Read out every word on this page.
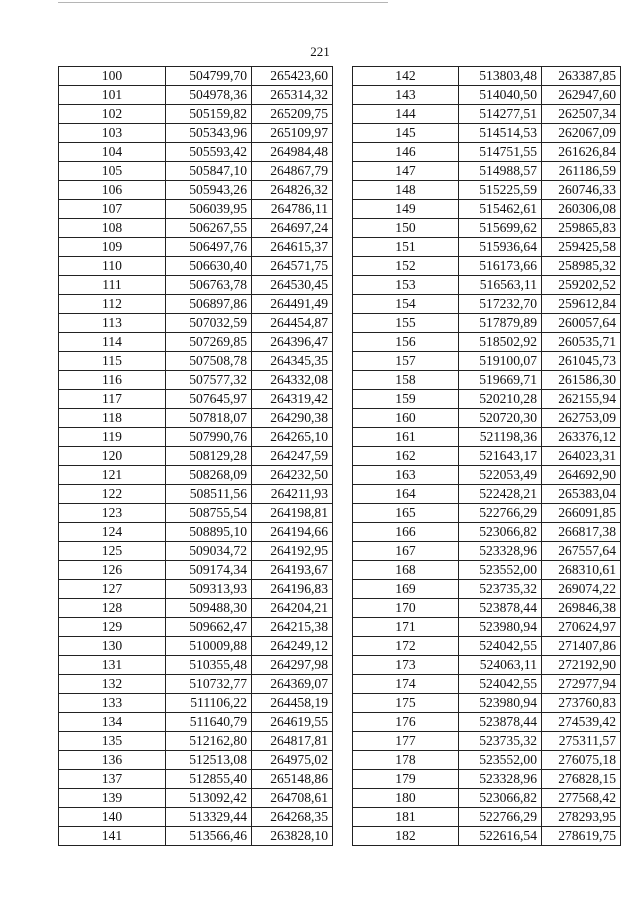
221
100	504799,70	265423,60
101	504978,36	265314,32
102	505159,82	265209,75
103	505343,96	265109,97
104	505593,42	264984,48
105	505847,10	264867,79
106	505943,26	264826,32
107	506039,95	264786,11
108	506267,55	264697,24
109	506497,76	264615,37
110	506630,40	264571,75
111	506763,78	264530,45
112	506897,86	264491,49
113	507032,59	264454,87
114	507269,85	264396,47
115	507508,78	264345,35
116	507577,32	264332,08
117	507645,97	264319,42
118	507818,07	264290,38
119	507990,76	264265,10
120	508129,28	264247,59
121	508268,09	264232,50
122	508511,56	264211,93
123	508755,54	264198,81
124	508895,10	264194,66
125	509034,72	264192,95
126	509174,34	264193,67
127	509313,93	264196,83
128	509488,30	264204,21
129	509662,47	264215,38
130	510009,88	264249,12
131	510355,48	264297,98
132	510732,77	264369,07
133	511106,22	264458,19
134	511640,79	264619,55
135	512162,80	264817,81
136	512513,08	264975,02
137	512855,40	265148,86
139	513092,42	264708,61
140	513329,44	264268,35
141	513566,46	263828,10
142	513803,48	263387,85
143	514040,50	262947,60
144	514277,51	262507,34
145	514514,53	262067,09
146	514751,55	261626,84
147	514988,57	261186,59
148	515225,59	260746,33
149	515462,61	260306,08
150	515699,62	259865,83
151	515936,64	259425,58
152	516173,66	258985,32
153	516563,11	259202,52
154	517232,70	259612,84
155	517879,89	260057,64
156	518502,92	260535,71
157	519100,07	261045,73
158	519669,71	261586,30
159	520210,28	262155,94
160	520720,30	262753,09
161	521198,36	263376,12
162	521643,17	264023,31
163	522053,49	264692,90
164	522428,21	265383,04
165	522766,29	266091,85
166	523066,82	266817,38
167	523328,96	267557,64
168	523552,00	268310,61
169	523735,32	269074,22
170	523878,44	269846,38
171	523980,94	270624,97
172	524042,55	271407,86
173	524063,11	272192,90
174	524042,55	272977,94
175	523980,94	273760,83
176	523878,44	274539,42
177	523735,32	275311,57
178	523552,00	276075,18
179	523328,96	276828,15
180	523066,82	277568,42
181	522766,29	278293,95
182	522616,54	278619,75
